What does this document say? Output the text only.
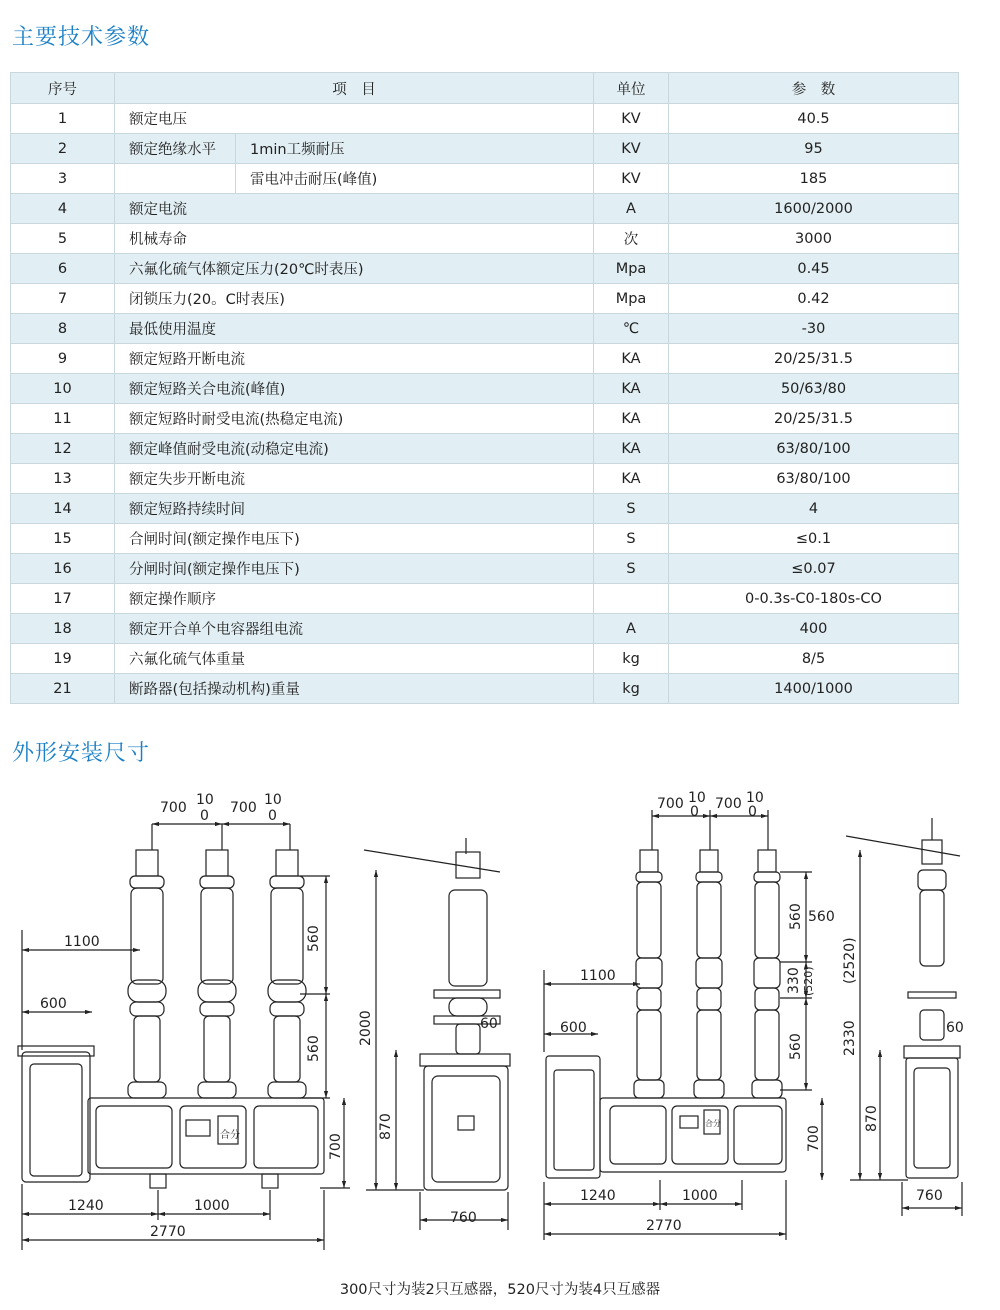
主要技术参数
序号	项　目		单位	参　数
1	额定电压		KV	40.5
2	额定绝缘水平	1min工频耐压	KV	95
3		雷电冲击耐压(峰值)	KV	185
4	额定电流		A	1600/2000
5	机械寿命		次	3000
6	六氟化硫气体额定压力(20℃时表压)		Mpa	0.45
7	闭锁压力(20。C时表压)		Mpa	0.42
8	最低使用温度		℃	-30
9	额定短路开断电流		KA	20/25/31.5
10	额定短路关合电流(峰值)		KA	50/63/80
11	额定短路时耐受电流(热稳定电流)		KA	20/25/31.5
12	额定峰值耐受电流(动稳定电流)		KA	63/80/100
13	额定失步开断电流		KA	63/80/100
14	额定短路持续时间		S	4
15	合闸时间(额定操作电压下)		S	≤0.1
16	分闸时间(额定操作电压下)		S	≤0.07
17	额定操作顺序			0-0.3s-C0-180s-CO
18	额定开合单个电容器组电流		A	400
19	六氟化硫气体重量		kg	8/5
21	断路器(包括操动机构)重量		kg	1400/1000
外形安装尺寸
700 10
0 700 10
0
1100
600
560
560
700
1240	1000
2770
2000	60
870
760
700 10
0 700 10
0
1100
600
560 560
330 (520)
560
700
1240	1000
2770
2330
(2520)
60
870
760
合分
合分
300尺寸为装2只互感器，520尺寸为装4只互感器
